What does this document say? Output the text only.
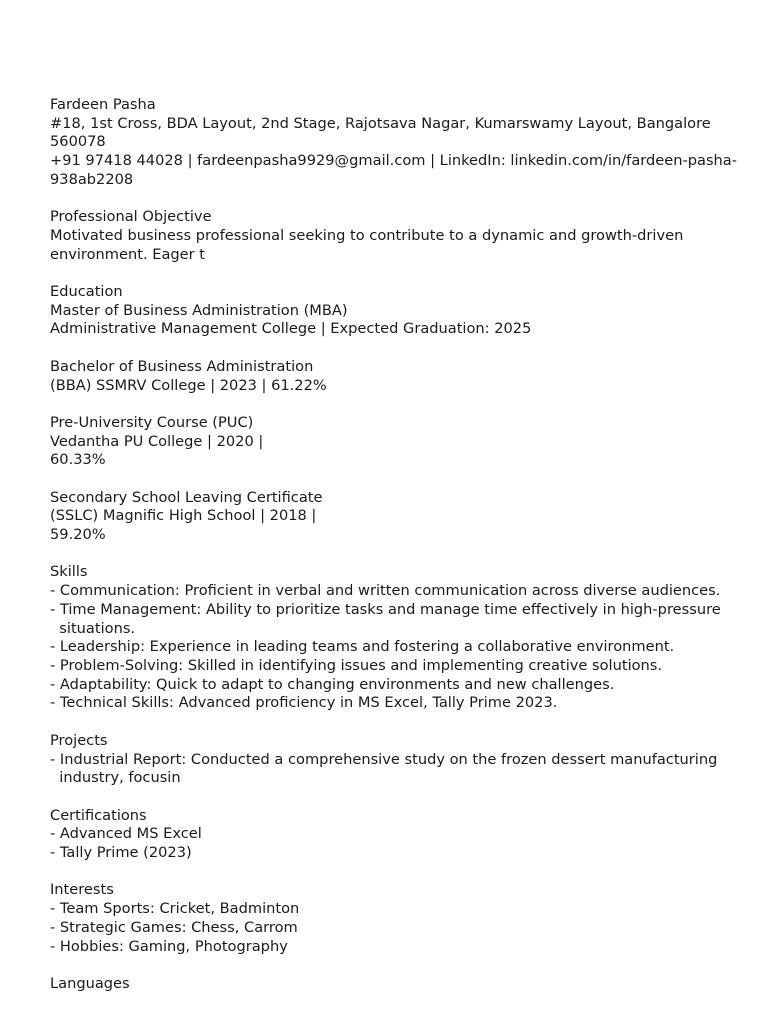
Fardeen Pasha
#18, 1st Cross, BDA Layout, 2nd Stage, Rajotsava Nagar, Kumarswamy Layout, Bangalore 560078
+91 97418 44028 | fardeenpasha9929@gmail.com | LinkedIn: linkedin.com/in/fardeen-pasha-
938ab2208
Professional Objective
Motivated business professional seeking to contribute to a dynamic and growth-driven environment. Eager t
Education
Master of Business Administration (MBA)
Administrative Management College | Expected Graduation: 2025
Bachelor of Business Administration
(BBA) SSMRV College | 2023 | 61.22%
Pre-University Course (PUC)
Vedantha PU College | 2020 |
60.33%
Secondary School Leaving Certificate
(SSLC) Magnific High School | 2018 |
59.20%
Skills
- Communication: Proficient in verbal and written communication across diverse audiences.
- Time Management: Ability to prioritize tasks and manage time effectively in high-pressure situations.
- Leadership: Experience in leading teams and fostering a collaborative environment.
- Problem-Solving: Skilled in identifying issues and implementing creative solutions.
- Adaptability: Quick to adapt to changing environments and new challenges.
- Technical Skills: Advanced proficiency in MS Excel, Tally Prime 2023.
Projects
- Industrial Report: Conducted a comprehensive study on the frozen dessert manufacturing industry, focusin
Certifications
- Advanced MS Excel
- Tally Prime (2023)
Interests
- Team Sports: Cricket, Badminton
- Strategic Games: Chess, Carrom
- Hobbies: Gaming, Photography
Languages
